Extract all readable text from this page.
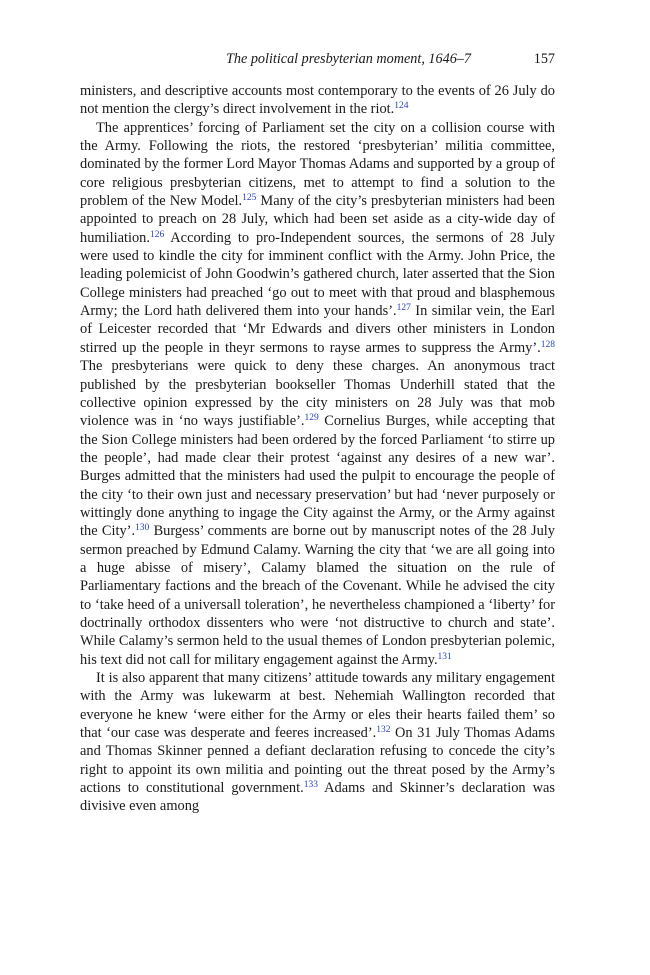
The political presbyterian moment, 1646–7	157

ministers, and descriptive accounts most contemporary to the events of 26 July do not mention the clergy’s direct involvement in the riot.$^{124}$

The apprentices’ forcing of Parliament set the city on a collision course with the Army. Following the riots, the restored ‘presbyterian’ militia committee, dominated by the former Lord Mayor Thomas Adams and supported by a group of core religious presbyterian citizens, met to attempt to find a solution to the problem of the New Model.$^{125}$ Many of the city’s presbyterian ministers had been appointed to preach on 28 July, which had been set aside as a city-wide day of humiliation.$^{126}$ According to pro-Independent sources, the sermons of 28 July were used to kindle the city for imminent conflict with the Army. John Price, the leading polemicist of John Goodwin’s gathered church, later asserted that the Sion College ministers had preached ‘go out to meet with that proud and blasphemous Army; the Lord hath delivered them into your hands’.$^{127}$ In similar vein, the Earl of Leicester recorded that ‘Mr Edwards and divers other ministers in London stirred up the people in theyr sermons to rayse armes to suppress the Army’.$^{128}$ The presbyterians were quick to deny these charges. An anonymous tract published by the presbyterian bookseller Thomas Underhill stated that the collective opinion expressed by the city ministers on 28 July was that mob violence was in ‘no ways justifiable’.$^{129}$ Cornelius Burges, while accepting that the Sion College ministers had been ordered by the forced Parliament ‘to stirre up the people’, had made clear their protest ‘against any desires of a new war’. Burges admitted that the ministers had used the pulpit to encourage the people of the city ‘to their own just and necessary preservation’ but had ‘never purposely or wittingly done anything to ingage the City against the Army, or the Army against the City’.$^{130}$ Burgess’ comments are borne out by manuscript notes of the 28 July sermon preached by Edmund Calamy. Warning the city that ‘we are all going into a huge abisse of misery’, Calamy blamed the situation on the rule of Parliamentary factions and the breach of the Covenant. While he advised the city to ‘take heed of a universall toleration’, he nevertheless championed a ‘liberty’ for doctrinally orthodox dissenters who were ‘not distructive to church and state’. While Calamy’s sermon held to the usual themes of London presbyterian polemic, his text did not call for military engagement against the Army.$^{131}$

It is also apparent that many citizens’ attitude towards any military engagement with the Army was lukewarm at best. Nehemiah Wallington recorded that everyone he knew ‘were either for the Army or eles their hearts failed them’ so that ‘our case was desperate and feeres increased’.$^{132}$ On 31 July Thomas Adams and Thomas Skinner penned a defiant declaration refusing to concede the city’s right to appoint its own militia and pointing out the threat posed by the Army’s actions to constitutional government.$^{133}$ Adams and Skinner’s declaration was divisive even among
